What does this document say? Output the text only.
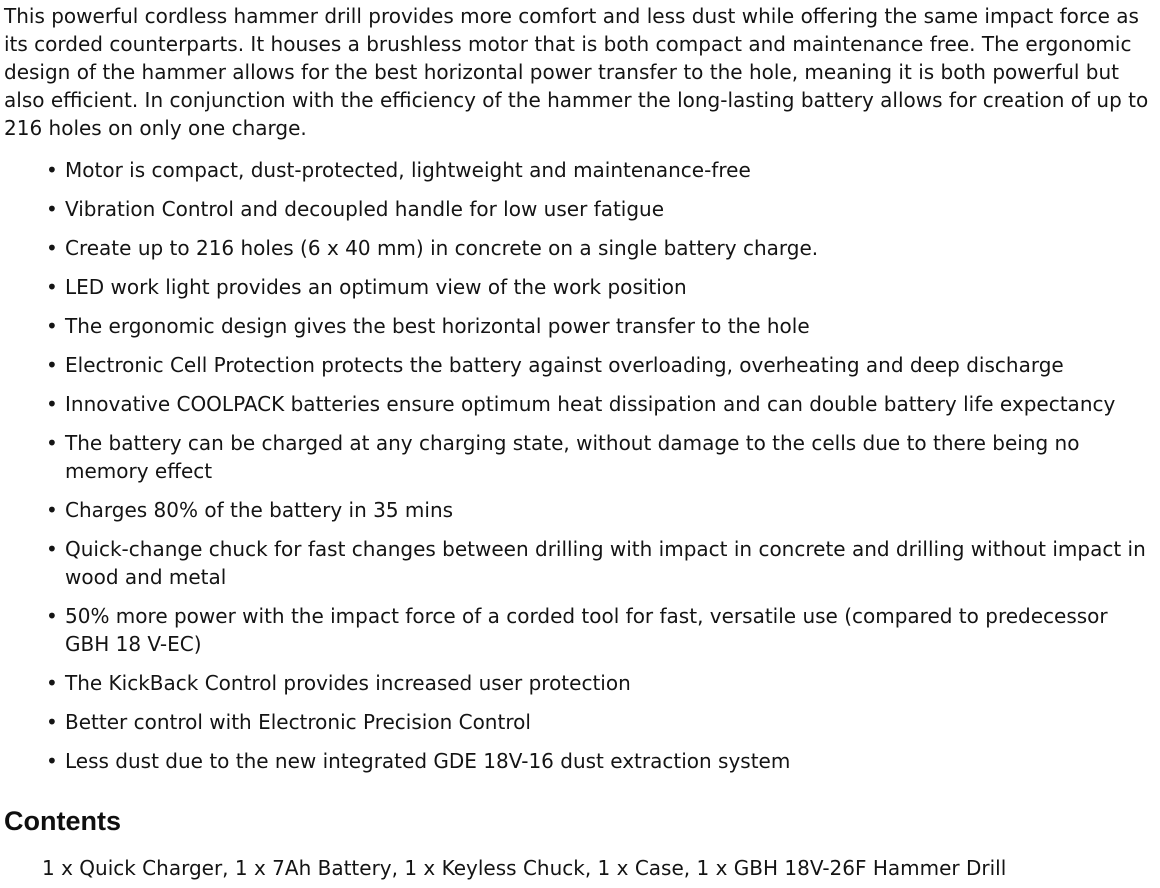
This powerful cordless hammer drill provides more comfort and less dust while offering the same impact force as its corded counterparts. It houses a brushless motor that is both compact and maintenance free. The ergonomic design of the hammer allows for the best horizontal power transfer to the hole, meaning it is both powerful but also efficient. In conjunction with the efficiency of the hammer the long-lasting battery allows for creation of up to 216 holes on only one charge.

• Motor is compact, dust-protected, lightweight and maintenance-free
• Vibration Control and decoupled handle for low user fatigue
• Create up to 216 holes (6 x 40 mm) in concrete on a single battery charge.
• LED work light provides an optimum view of the work position
• The ergonomic design gives the best horizontal power transfer to the hole
• Electronic Cell Protection protects the battery against overloading, overheating and deep discharge
• Innovative COOLPACK batteries ensure optimum heat dissipation and can double battery life expectancy
• The battery can be charged at any charging state, without damage to the cells due to there being no memory effect
• Charges 80% of the battery in 35 mins
• Quick-change chuck for fast changes between drilling with impact in concrete and drilling without impact in wood and metal
• 50% more power with the impact force of a corded tool for fast, versatile use (compared to predecessor GBH 18 V-EC)
• The KickBack Control provides increased user protection
• Better control with Electronic Precision Control
• Less dust due to the new integrated GDE 18V-16 dust extraction system
Contents
1 x Quick Charger, 1 x 7Ah Battery, 1 x Keyless Chuck, 1 x Case, 1 x GBH 18V-26F Hammer Drill
